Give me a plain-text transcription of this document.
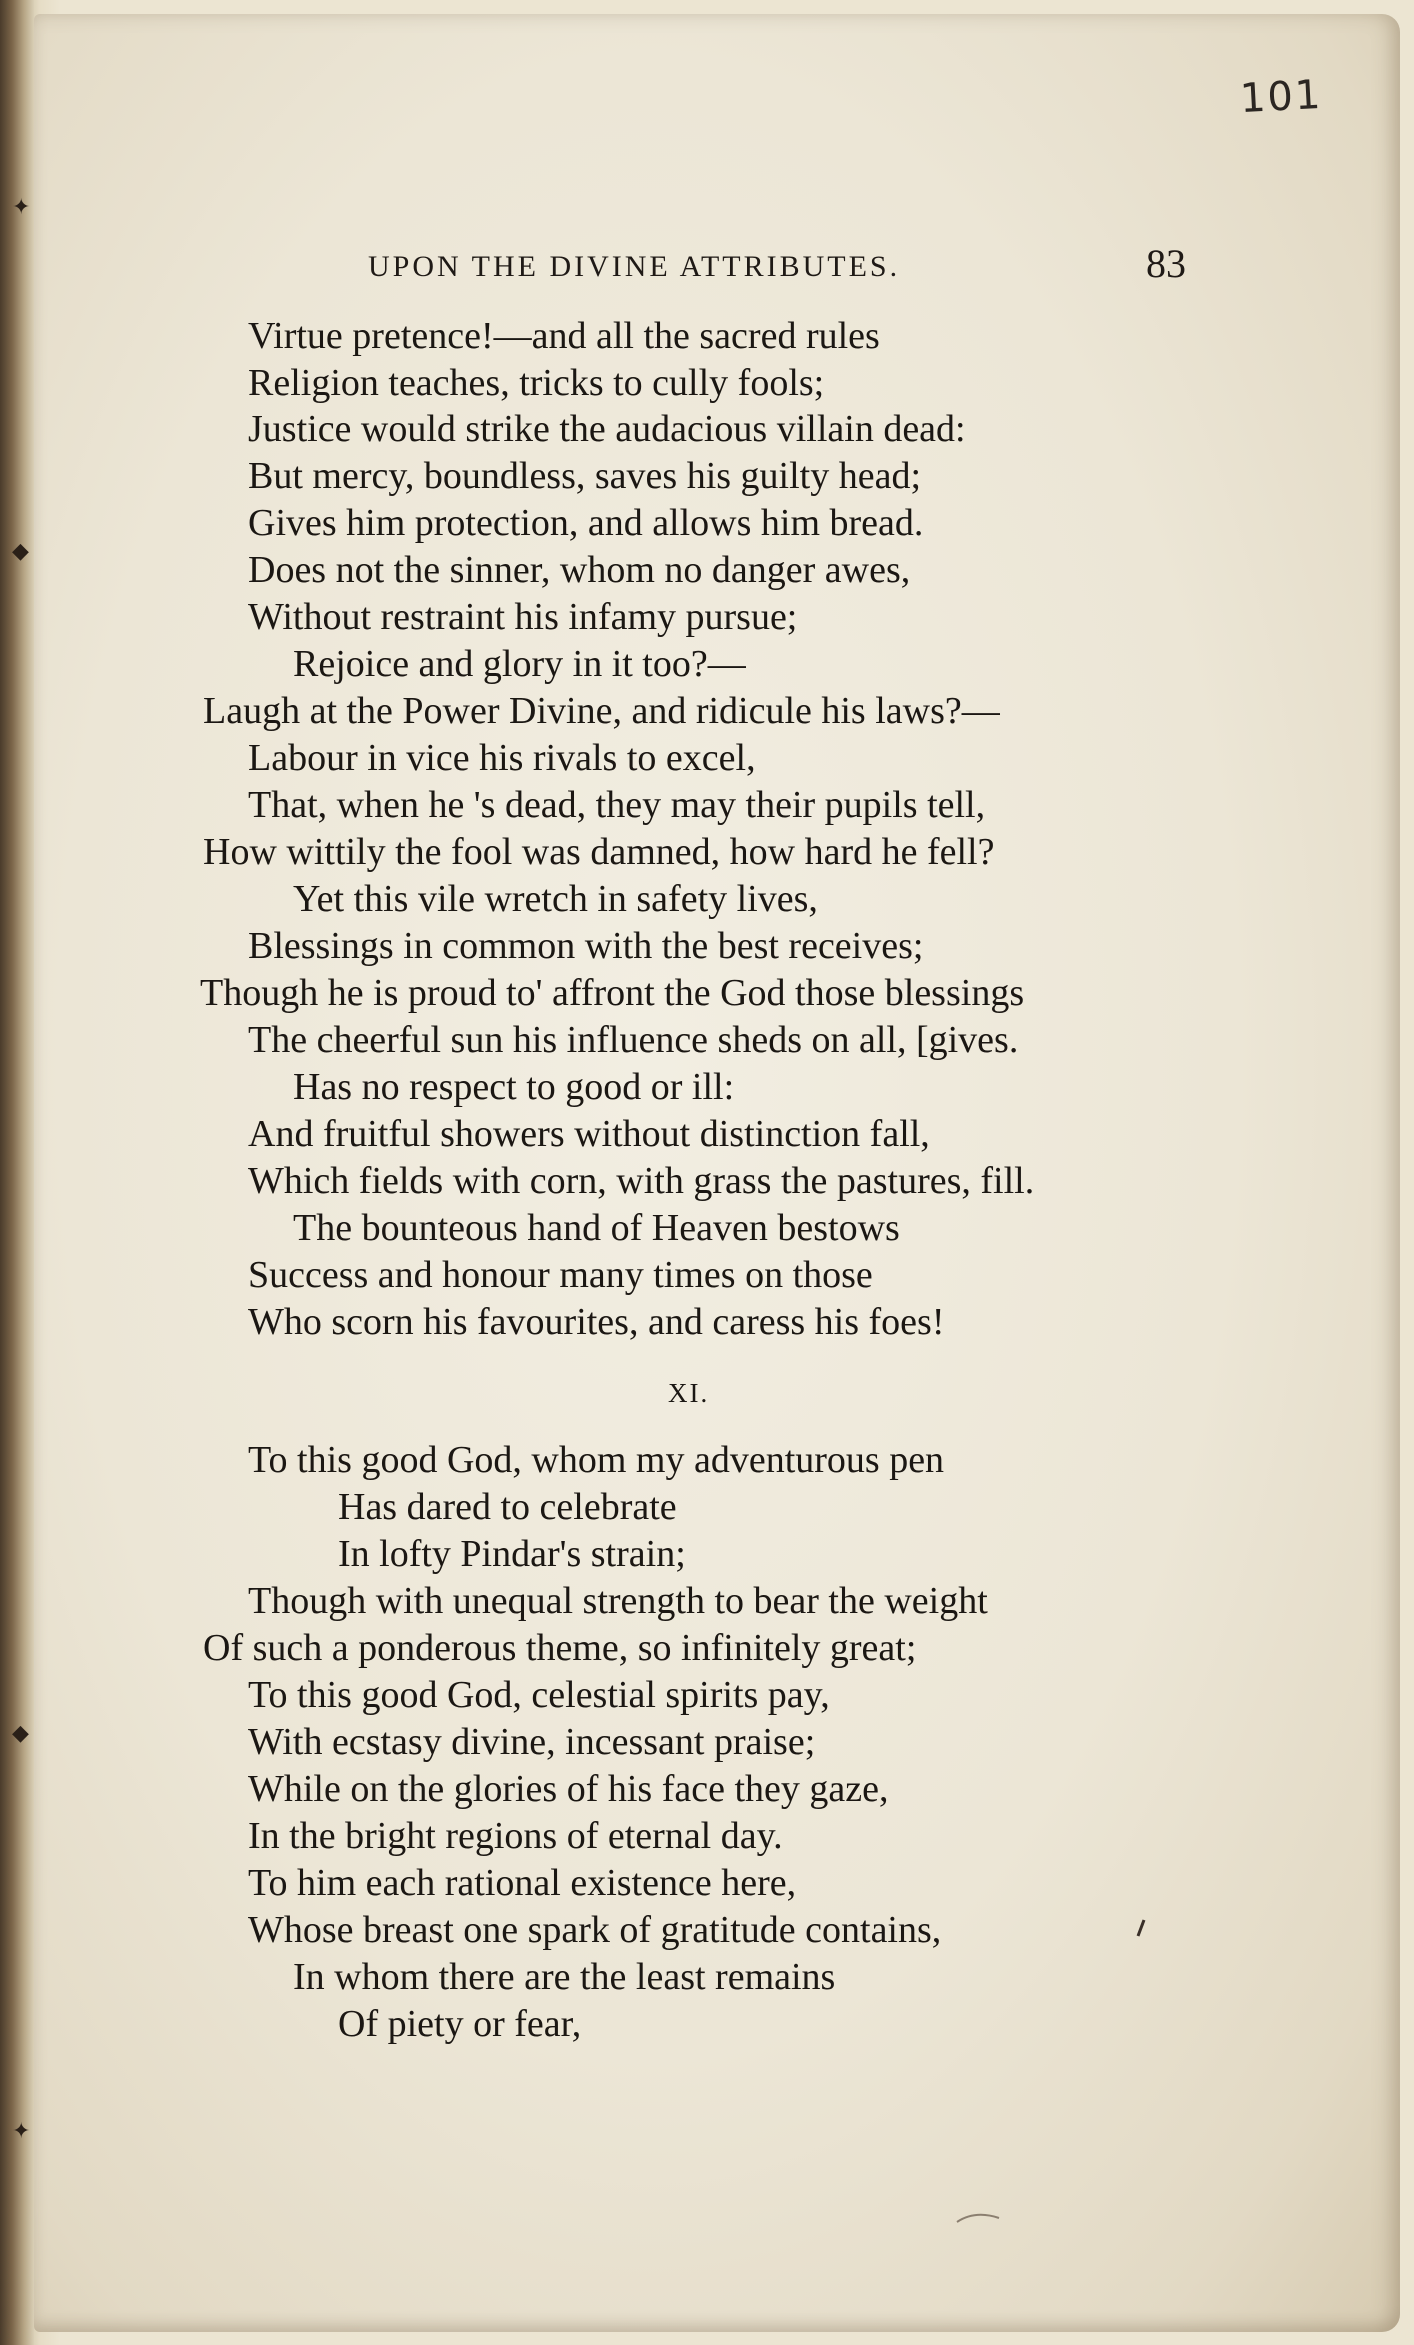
✦
◆
◆
✦
101
UPON THE DIVINE ATTRIBUTES.	83
Virtue pretence!—and all the sacred rules
Religion teaches, tricks to cully fools;
Justice would strike the audacious villain dead:
But mercy, boundless, saves his guilty head;
Gives him protection, and allows him bread.
Does not the sinner, whom no danger awes,
Without restraint his infamy pursue;
Rejoice and glory in it too?—
Laugh at the Power Divine, and ridicule his laws?—
Labour in vice his rivals to excel,
That, when he 's dead, they may their pupils tell,
How wittily the fool was damned, how hard he fell?
Yet this vile wretch in safety lives,
Blessings in common with the best receives;
Though he is proud to' affront the God those blessings
The cheerful sun his influence sheds on all, [gives.
Has no respect to good or ill:
And fruitful showers without distinction fall,
Which fields with corn, with grass the pastures, fill.
The bounteous hand of Heaven bestows
Success and honour many times on those
Who scorn his favourites, and caress his foes!
XI.
To this good God, whom my adventurous pen
Has dared to celebrate
In lofty Pindar's strain;
Though with unequal strength to bear the weight
Of such a ponderous theme, so infinitely great;
To this good God, celestial spirits pay,
With ecstasy divine, incessant praise;
While on the glories of his face they gaze,
In the bright regions of eternal day.
To him each rational existence here,
Whose breast one spark of gratitude contains,
In whom there are the least remains
Of piety or fear,
